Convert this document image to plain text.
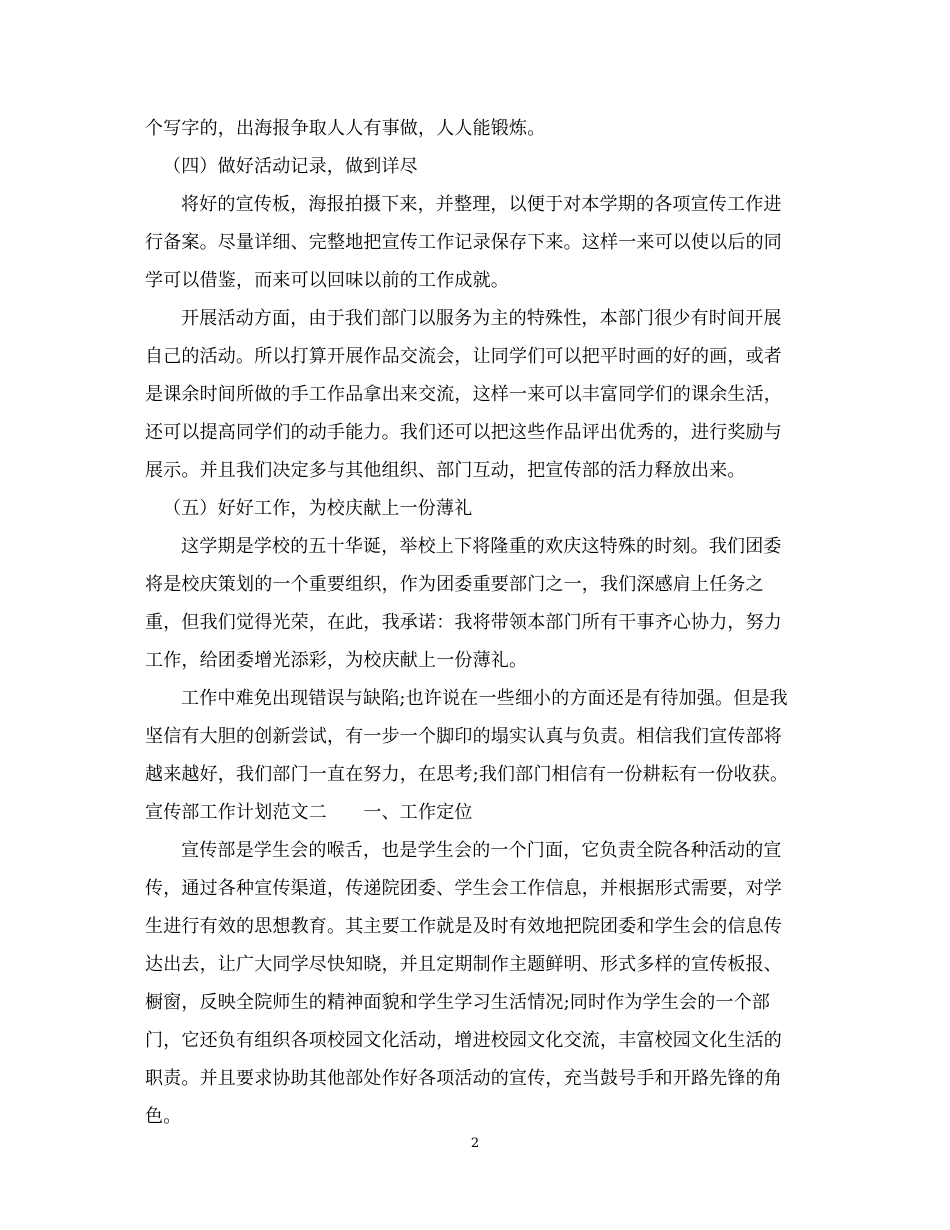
个写字的，出海报争取人人有事做，人人能锻炼。
（四）做好活动记录，做到详尽
将好的宣传板，海报拍摄下来，并整理，以便于对本学期的各项宣传工作进
行备案。尽量详细、完整地把宣传工作记录保存下来。这样一来可以使以后的同
学可以借鉴，而来可以回味以前的工作成就。
开展活动方面，由于我们部门以服务为主的特殊性，本部门很少有时间开展
自己的活动。所以打算开展作品交流会，让同学们可以把平时画的好的画，或者
是课余时间所做的手工作品拿出来交流，这样一来可以丰富同学们的课余生活，
还可以提高同学们的动手能力。我们还可以把这些作品评出优秀的，进行奖励与
展示。并且我们决定多与其他组织、部门互动，把宣传部的活力释放出来。
（五）好好工作，为校庆献上一份薄礼
这学期是学校的五十华诞，举校上下将隆重的欢庆这特殊的时刻。我们团委
将是校庆策划的一个重要组织，作为团委重要部门之一，我们深感肩上任务之
重，但我们觉得光荣，在此，我承诺：我将带领本部门所有干事齐心协力，努力
工作，给团委增光添彩，为校庆献上一份薄礼。
工作中难免出现错误与缺陷;也许说在一些细小的方面还是有待加强。但是我
坚信有大胆的创新尝试，有一步一个脚印的塌实认真与负责。相信我们宣传部将
越来越好，我们部门一直在努力，在思考;我们部门相信有一份耕耘有一份收获。
宣传部工作计划范文二　　一、工作定位
宣传部是学生会的喉舌，也是学生会的一个门面，它负责全院各种活动的宣
传，通过各种宣传渠道，传递院团委、学生会工作信息，并根据形式需要，对学
生进行有效的思想教育。其主要工作就是及时有效地把院团委和学生会的信息传
达出去，让广大同学尽快知晓，并且定期制作主题鲜明、形式多样的宣传板报、
橱窗，反映全院师生的精神面貌和学生学习生活情况;同时作为学生会的一个部
门，它还负有组织各项校园文化活动，增进校园文化交流，丰富校园文化生活的
职责。并且要求协助其他部处作好各项活动的宣传，充当鼓号手和开路先锋的角
色。
2
